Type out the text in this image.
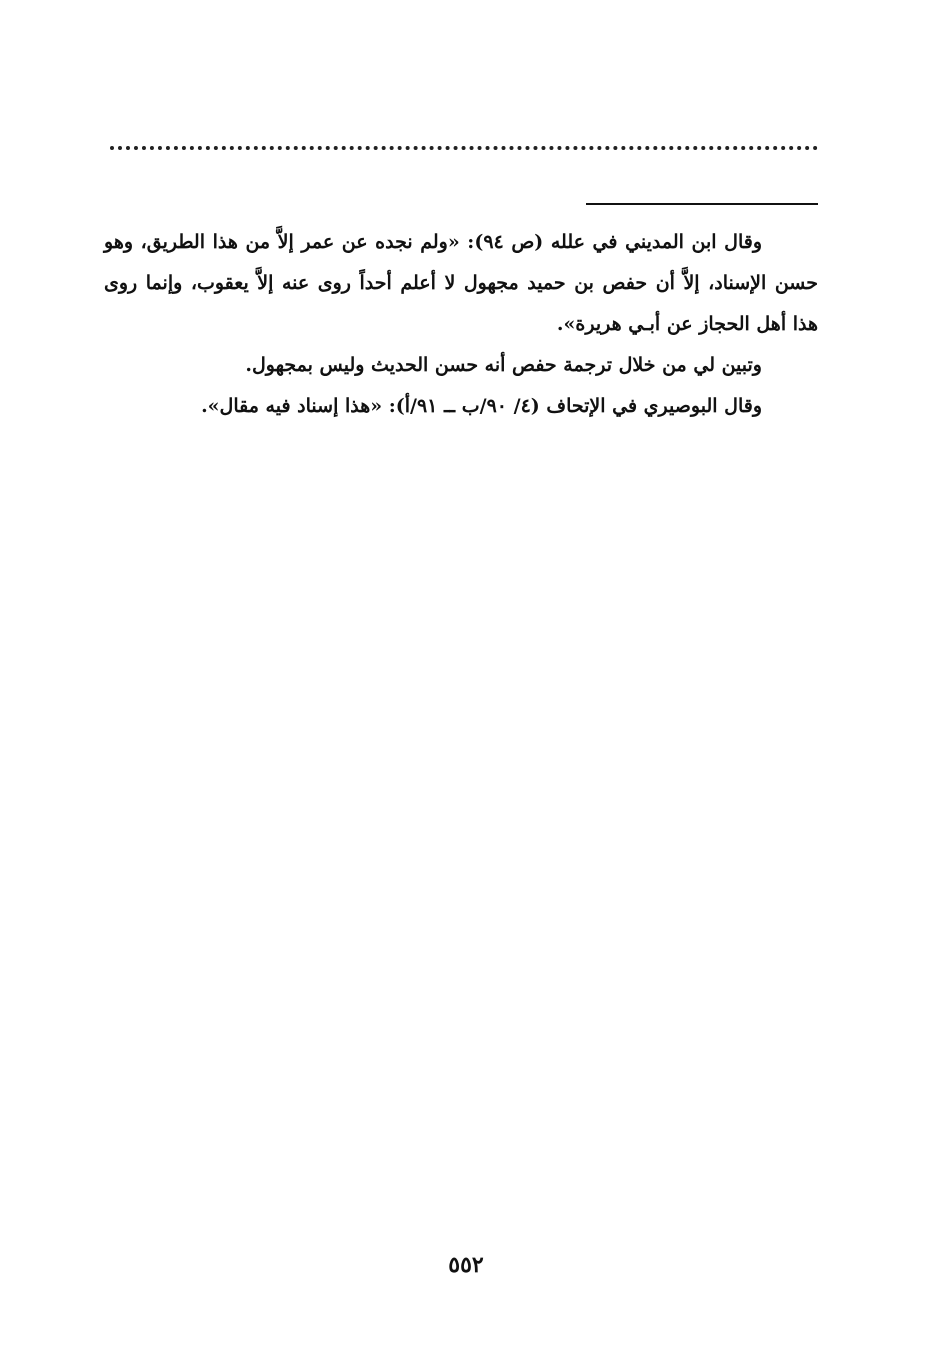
وقال ابن المديني في علله (ص ٩٤): «ولم نجده عن عمر إلاَّ من هذا الطريق، وهو حسن الإسناد، إلاَّ أن حفص بن حميد مجهول لا أعلم أحداً روى عنه إلاَّ يعقوب، وإنما روى هذا أهل الحجاز عن أبـي هريرة».

وتبين لي من خلال ترجمة حفص أنه حسن الحديث وليس بمجهول.

وقال البوصيري في الإتحاف (٤/ ٩٠/ب ــ ٩١/أ): «هذا إسناد فيه مقال».

٥٥٢
